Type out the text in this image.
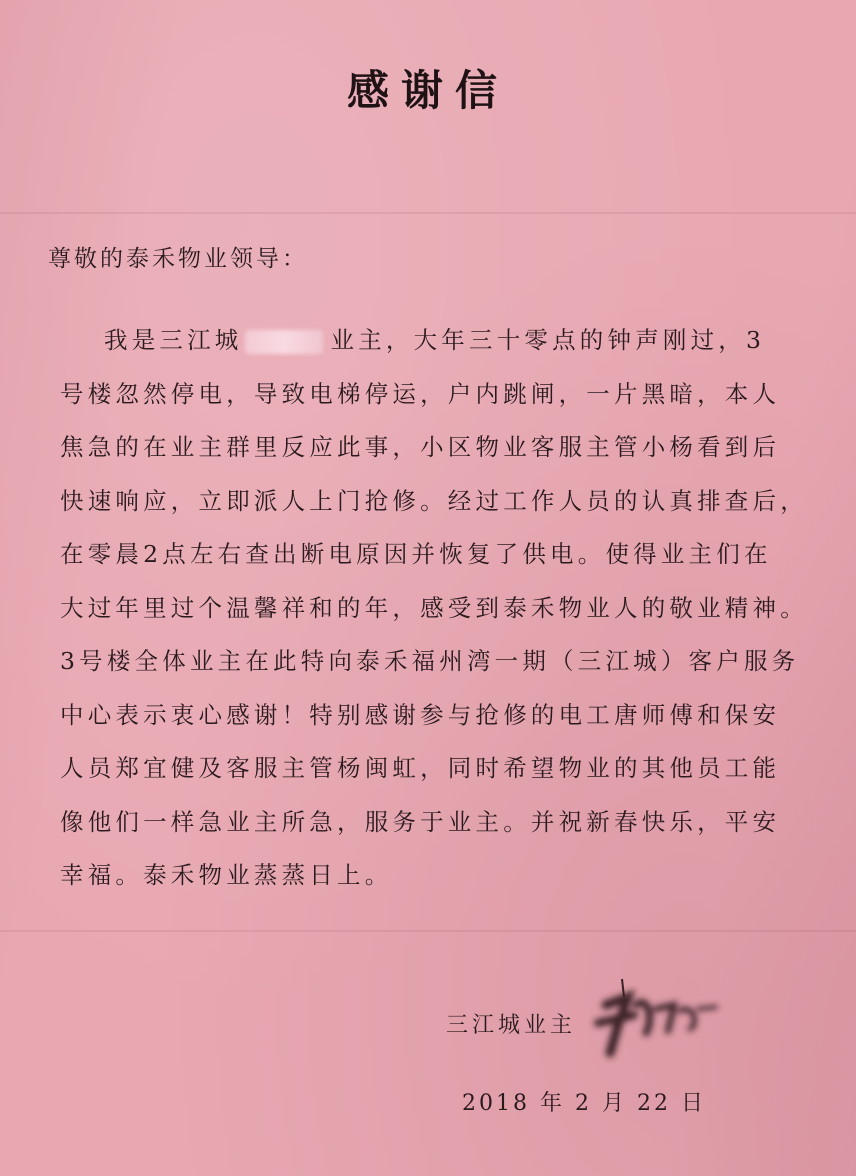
感谢信
尊敬的泰禾物业领导：
我是三江城	业主，大年三十零点的钟声刚过，3
号楼忽然停电，导致电梯停运，户内跳闸，一片黑暗，本人
焦急的在业主群里反应此事，小区物业客服主管小杨看到后
快速响应，立即派人上门抢修。经过工作人员的认真排查后，
在零晨2点左右查出断电原因并恢复了供电。使得业主们在
大过年里过个温馨祥和的年，感受到泰禾物业人的敬业精神。
3号楼全体业主在此特向泰禾福州湾一期（三江城）客户服务
中心表示衷心感谢！特别感谢参与抢修的电工唐师傅和保安
人员郑宜健及客服主管杨闽虹，同时希望物业的其他员工能
像他们一样急业主所急，服务于业主。并祝新春快乐，平安
幸福。泰禾物业蒸蒸日上。
三江城业主
2018 年 2 月 22 日
